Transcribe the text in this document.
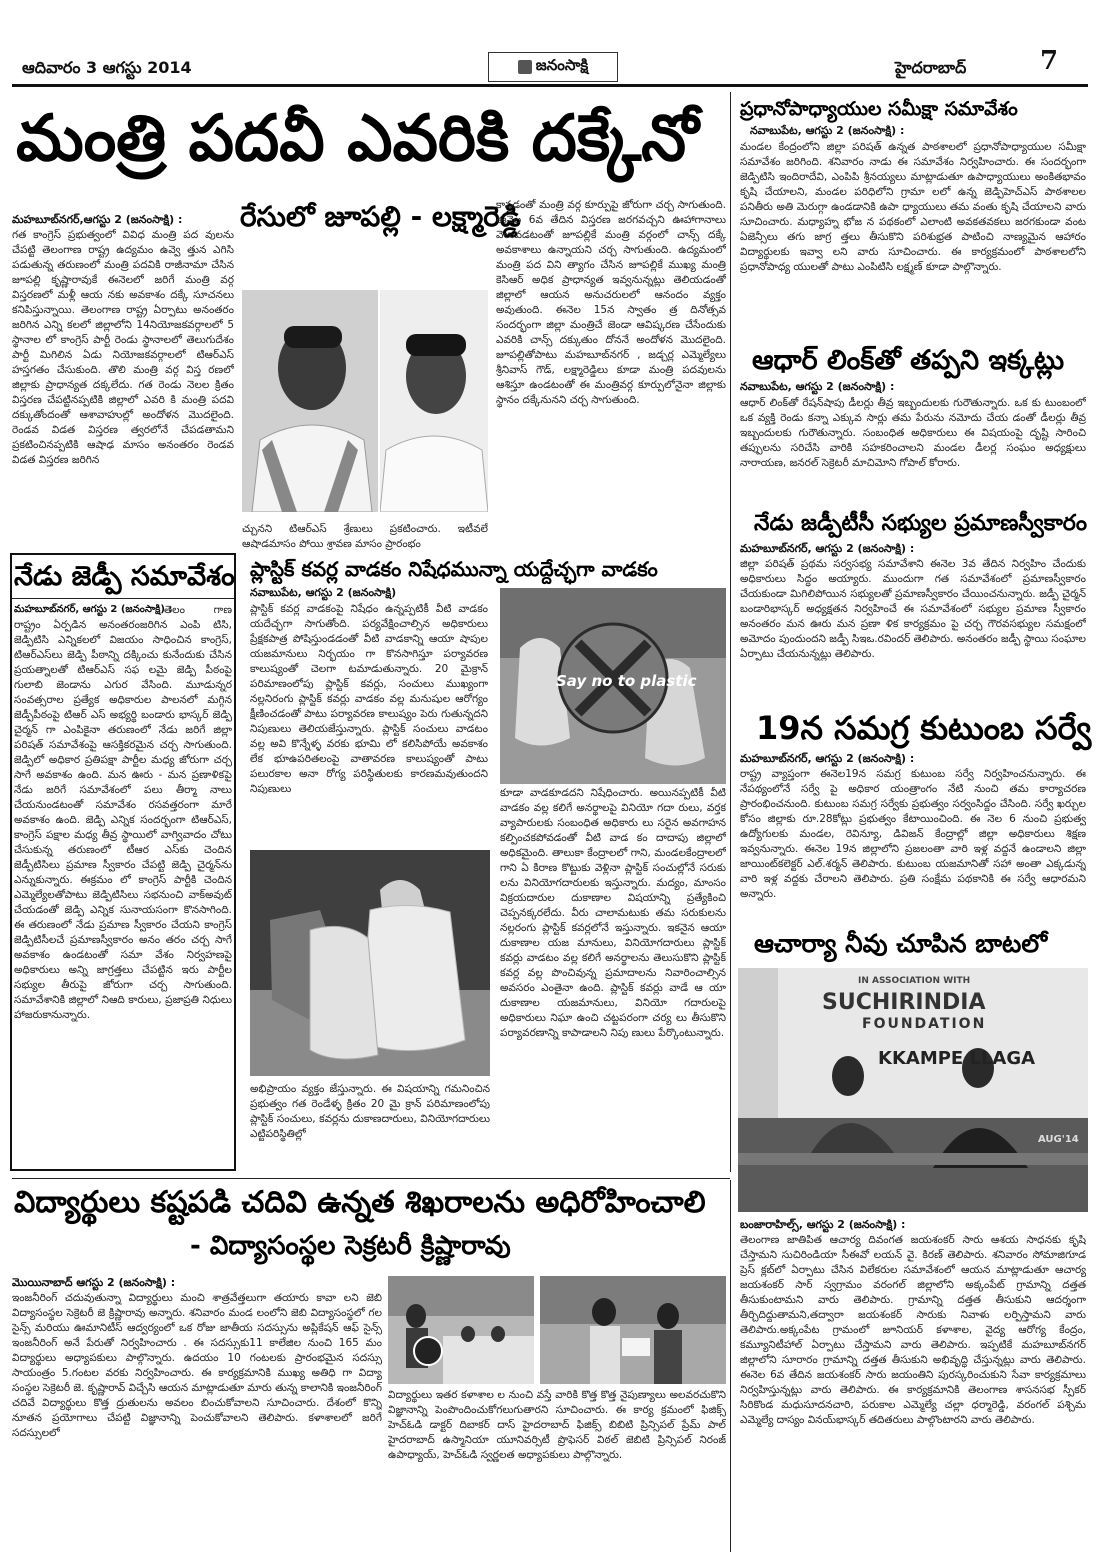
ఆదివారం 3 ఆగస్టు 2014	జనంసాక్షి	హైదరాబాద్	7
మంత్రి పదవీ ఎవరికి దక్కేనో
మహబూబ్‌నగర్,ఆగస్టు 2 (జనంసాక్షి) :
గత కాంగ్రెస్ ప్రభుత్వంలో వివిధ మంత్రి పద వులను చేపట్టి తెలంగాణ రాష్ట్ర ఉద్యమం ఉవ్వె త్తున ఎగిసి పడుతున్న తరుణంలో మంత్రి పదవికి రాజీనామా చేసిన జూపల్లి కృష్ణారావుకే ఈనెలలో జరిగే మంత్రి వర్గ విస్తరణలో మళ్లీ ఆయ నకు అవకాశం దక్కే సూచనలు కనిపిస్తున్నాయి. తెలంగాణ రాష్ట్ర ఏర్పాటు అనంతరం జరిగిన ఎన్ని కలలో జిల్లాలోని 14నియోజకవర్గాలలో 5 స్థానాల లో కాంగ్రెస్ పార్టీ రెండు స్థానాలలో తెలుగుదేశం పార్టీ మిగిలిన ఏడు నియోజకవర్గాలలో టిఆర్ఎస్ హస్తగతం చేసుకుంది. తొలి మంత్రి వర్గ విస్త రణలో జిల్లాకు ప్రాధాన్యత దక్కలేదు. గత రెండు నెలల క్రితం విస్తరణ చేపట్టినప్పటికి జిల్లాలో ఎవరి కి మంత్రి పదవి దక్కుతోందంతో ఆశావాహుల్లో అందోళన మొదలైంది. రెండవ విడత విస్తరణ త్వరలోనే చేపడతామని ప్రకటించినప్పటికి ఆషాఢ మాసం అనంతరం రెండవ విడత విస్తరణ జరిగిన
రేసులో జూపల్లి - లక్ష్మారెడ్డి
చ్చునని టిఆర్ఎస్ శ్రేణులు ప్రకటించారు. ఇటీవలే ఆషాడమాసం పోయి శ్రావణ మాసం ప్రారంభం
కావడంతో మంత్రి వర్గ కూర్పుపై జోరుగా చర్చ సాగుతుంది. ఈనెల 6వ తేదిన విస్తరణ జరగవచ్చని ఊహాగానాలు వెలువడటంతో జూపల్లికే మంత్రి వర్గంలో చాన్స్ దక్కే అవకాశాలు ఉన్నాయని చర్చ సాగుతుంది. ఉద్యమంలో మంత్రి పద విని త్యాగం చేసిన జూపల్లికే ముఖ్య మంత్రి కెసిఆర్ అధిక ప్రాధాన్యత ఇవ్వనున్నట్లు తెలియడంతో జిల్లాలో ఆయన అనుచరులలో ఆనందం వ్యక్తం అవుతుంది. ఈనెల 15న స్వాతం త్ర దినోత్సవ సందర్భంగా జిల్లా మంత్రిచే జెండా ఆవిష్కరణ చేసేందుకు ఎవరికి చాన్స్ దక్కుతుం దోననే అందోళన మొదలైంది. జూపల్లితోపాటు మహబూబ్‌నగర్ , జడ్చర్ల ఎమ్మెల్యేలు శ్రీనివాస్ గౌడ్, లక్ష్మారెడ్డిలు కూడా మంత్రి పదవులను ఆశిస్తూ ఉండటంతో ఈ మంత్రివర్గ కూర్పులోనైనా జిల్లాకు స్థానం దక్కేనునని చర్చ సాగుతుంది.
నేడు జెడ్పీ సమావేశం
మహబూబ్‌నగర్, ఆగస్టు 2 (జనంసాక్షి) :
తెలం గాణ రాష్ట్రం ఏర్పడిన అనంతరంజరిగిన ఎంపి టిసి, జెడ్పిటిసి ఎన్నికలలో విజయం సాధించిన కాంగ్రెస్, టిఆర్ఎస్‌లు జెడ్పి పీఠాన్ని దక్కించు కునేందుకు చేసిన ప్రయత్నాలతో టిఆర్ఎస్ సఫ లమై జెడ్పి పీఠంపై గులాబి జెండాను ఎగుర వేసింది. మూడున్నర సంవత్సరాల ప్రత్యేక అధికారుల పాలనలో మగ్గిన జెడ్పీపీఠంపై టిఆర్ ఎస్ అభ్యర్థి బండారు భాస్కర్ జెడ్పి చైర్మన్ గా ఎంపికైనా తరుణంలో నేడు జరిగే జిల్లా పరిషత్ సమావేశంపై ఆసక్తికరమైన చర్చ సాగుతుంది. జెడ్పిలో అధికార ప్రతిపక్షా పార్టీల మధ్య జోరుగా చర్చ సాగే అవకాశం ఉంది. మన ఊరు - మన ప్రణాళికపై నేడు జరిగే సమావేశంలో పలు తీర్మా నాలు చేయనుండటంతో సమావేశం రసవత్తరంగా మారే అవకాశం ఉంది. జెడ్పి ఎన్నిక సందర్భంగా టిఆర్ఎస్, కాంగ్రెస్ పక్షాల మధ్య తీవ్ర స్థాయిలో వాగ్వివాదం చోటు చేసుకున్న తరుణంలో టీఆర ఎస్‌కు చెందిన జెడ్పీటిసిలు ప్రమాణ స్వీకారం చేపట్టి జెడ్పి చైర్మన్‌ను ఎన్నుకున్నారు. ఈక్రమం లో కాంగ్రెస్ పార్టీకి చెందిన ఎమ్మెల్యేలతోపాటు జెడ్పిటిసిలు సభనుంచి వాక్‌అవుట్ చేయడంతో జెడ్పి ఎన్నిక సునాయసంగా కొనసాగింది. ఈ తరుణంలో నేడు ప్రమాణ స్వీకారం చేయని కాంగ్రెస్ జెడ్పిటిసీలచే ప్రమాణస్వీకారం అనం తరం చర్చ సాగే అవకాశం ఉండటంతో సమా వేశం నిర్వహణపై అధికారులు అన్ని జాగ్రత్తలు చేపట్టిన ఇరు పార్టీల సభ్యుల తీరుపై జోరుగా చర్చ సాగుతుంది. సమావేశానికి జిల్లాలో నిఆది కారులు, ప్రజాప్రతి నిధులు హాజరుకానున్నారు.
ప్లాస్టిక్ కవర్ల వాడకం నిషేధమున్నా యద్దేచ్ఛగా వాడకం
నవాబుపేట, ఆగస్టు 2 (జనంసాక్షి)
ప్లాస్టిక్ కవర్ల వాడకంపై నిషేధం ఉన్నప్పటికీ వీటి వాడకం యదేచ్ఛగా సాగుతోంది. పర్యవేక్షించాల్సిన అధికారులు ప్రేక్షకపాత్ర పోషిస్తుండడంతో వీటి వాడకాన్ని ఆయా షాపుల యజమానులు నిర్భయం గా కొనసాగిస్తూ పర్యావరణ కాలుష్యంతో చెలగా టమాడుతున్నారు. 20 మైక్రాన్ పరిమాణంలోపు ప్లాస్టిక్ కవర్లు, సంచులు ముఖ్యంగా నల్లనిరంగు ప్లాస్టిక్ కవర్లు వాడకం వల్ల మనుషుల ఆరోగ్యం క్షీణించడంతో పాటు పర్యావరణ కాలుష్యం పెరు గుతున్నదని నిపుణులు తెలియజేస్తున్నారు. ప్లాస్టిక్ సంచులు వాడటం వల్ల అవి కొన్నేళ్ళ వరకు భూమి లో కలిసిపోయే అవకాశం లేక భూఉపరితలంపై వాతావరణ కాలుష్యంతో పాటు పలురకాల అనా రోగ్య పరిస్థితులకు కారణమవుతుందని నిపుణులు
Say no to plastic
కూడా వాడకూడదని నిషేధించారు. అయినప్పటికీ వీటి వాడకం వల్ల కలిగే అనర్థాలపై వినియో గదా రులు, వర్తక వ్యాపారులకు సంబంధిత అధికారు లు సరైన అవగాహన కల్పించకపోవడంతో వీటి వాడ కం దాదాపు జిల్లాలో అధికమైంది. తాలుకా కేంద్రాలలో గాని, మండలకేంద్రాలలో గాని ఏ కిరాణ కొట్టుకు వెళ్లినా ప్లాస్టిక్ సంచుల్లోనే సరుకు లను వినియోగదారులకు ఇస్తున్నారు. మద్యం, మాంసం విక్రయదారుల దుకాణాల విషయాన్ని ప్రత్యేకించి చెప్పనక్కరలేదు. వీరు చాలామటుకు తమ సరుకులను నల్లరంగు ప్లాస్టిక్ కవర్లలోనే ఇస్తున్నారు. ఇకనైన ఆయా దుకాణాల యజ మానులు, వినియోగదారులు ప్లాస్టిక్ కవర్లు వాడటం వల్ల కలిగే అనర్థాలను తెలుసుకొని ప్లాస్టిక్ కవర్ల వల్ల పొంచివున్న ప్రమాదాలను నివారించాల్సిన అవసరం ఎంతైనా ఉంది. ప్లాస్టిక్ కవర్లు వాడే ఆ యా దుకాణాల యజమానులు, వినియో గదారులపై అధికారులు నిఘా ఉంచి చట్టపరంగా చర్య లు తీసుకొని పర్యావరణాన్ని కాపాడాలని నిపు ణులు పేర్కొంటున్నారు.
అభిప్రాయం వ్యక్తం జేస్తున్నారు. ఈ విషయాన్ని గమనించిన ప్రభుత్వం గత రెండేళ్ళ క్రితం 20 మై క్రాన్ పరిమాణంలోపు ప్లాస్టిక్ సంచులు, కవర్లను దుకాణదారులు, వినియోగదారులు ఎట్టిపరిస్థితిల్లో
ప్రధానోపాధ్యాయుల సమీక్షా సమావేశం
నవాబుపేట, ఆగస్టు 2 (జనంసాక్షి) :
మండల కేంద్రంలోని జిల్లా పరిషత్ ఉన్నత పాఠశాలలో ప్రధానోపాధ్యాయుల సమీక్షా సమావేశం జరిగింది. శనివారం నాడు ఈ సమావేశం నిర్వహించారు. ఈ సందర్భంగా జెడ్పిటిసి ఇందిరాదేవి, ఎంపిపి శ్రీనయ్యలు మాట్లాడుతూ ఉపాధ్యాయులు అంకితభావం కృషి చేయాలని, మండల పరిధిలోని గ్రామా లలో ఉన్న జెడ్పిహెచ్‌ఎస్ పాఠశాలల పనితీరు అతి మెరుగ్గా ఉండడానికి ఉపా ధ్యాయులు తమ వంతు కృషి చేయాలని వారు సూచించారు. మధ్యాహ్న భోజ న పథకంలో ఎలాంటి అవకతవకలు జరగకుండా వంట ఏజెన్సీలు తగు జాగ్ర త్తలు తీసుకొని పరిశుభ్రత పాటించి నాణ్యమైన ఆహారం విద్యార్థులకు ఇవ్వా లని వారు సూచించారు. ఈ కార్యక్రమంలో పాఠశాలలోని ప్రధానోపాధ్య యులతో పాటు ఎంపిటిసి లక్ష్మణ్ కూడా పాల్గొన్నారు.
ఆధార్ లింక్‌తో తప్పని ఇక్కట్లు
నవాబుపేట, ఆగస్టు 2 (జనంసాక్షి) :
ఆధార్ లింక్‌తో రేషన్‌షాపు డీలర్లు తీవ్ర ఇబ్బందులకు గురౌతున్నారు. ఒక కు టుంబంలో ఒక వ్యక్తి రెండు కన్నా ఎక్కువ సార్లు తమ పేరును నమోదు చేయ డంతో డీలర్లు తీవ్ర ఇబ్బందులకు గురౌతున్నారు. సంబంధిత అధికారులు ఈ విషయంపై దృష్టి సారించి తప్పులను సరిచేసి వారికి సహకరించాలని మండల డీలర్ల సంఘం అధ్యక్షులు నారాయణ, జనరల్ సెక్రెటరీ మాచిమోని గోపాల్ కోరారు.
నేడు జడ్పీటీసీ సభ్యుల ప్రమాణస్వీకారం
మహబూబ్‌నగర్, ఆగస్టు 2 (జనంసాక్షి) :
జిల్లా పరిషత్ ప్రథమ సర్వసభ్య సమావేశాని ఈనెల 3వ తేదిన నిర్వహిం చేందుకు అధికారులు సిద్ధం అయ్యారు. ముందుగా గత సమావేశంలో ప్రమాణస్వీకారం చేయకుండా మిగిలిపోయిన సభ్యులతో ప్రమాణస్వీకారం చేయించనున్నారు. జడ్పీ చైర్మన్ బండారిభాస్కర్ అధ్యక్షతన నిర్వహించే ఈ సమావేశంలో సభ్యుల ప్రమాణ స్వీకారం అనంతరం మన ఊరు మన ప్రణా ళిక కార్యక్రమం పై చర్చ గౌరవసభ్యుల సమక్షంలో అమోదం పుందుందని జడ్పీ సిఇఒ.రవిందర్ తెలిపారు. అనంతరం జడ్పీ స్థాయి సంఘాల ఏర్పాటు చేయనున్నట్లు తెలిపారు.
19న సమగ్ర కుటుంబ సర్వే
మహబూబ్‌నగర్, ఆగస్టు 2 (జనంసాక్షి) :
రాష్ట్ర వ్యాప్తంగా ఈనెల19న సమగ్ర కుటుంబ సర్వే నిర్వహించనున్నారు. ఈ నేపథ్యంలోనే సర్వే పై అధికార యంత్రాంగం నేటి నుంచి తమ కార్యాచరణ ప్రారంభించనుంది. కుటుంబ సమగ్ర సర్వేకు ప్రభుత్వం సర్వంసిద్దం చేసింది. సర్వే ఖర్చుల కోసం జిల్లాకు రూ.28కోట్లు ప్రభుత్వం కేటాయించింది. ఈ నెల 6 నుంచి ప్రభుత్వ ఉద్యోగులకు మండల, రెవిన్యూ, డివిజన్ కేంద్రాల్లో జిల్లా అధికారులు శిక్షణ ఇవ్వనున్నారు. ఈనెల 19న జిల్లాలోని ప్రజలంతా వారి ఇళ్ల వద్దనే ఉండాలని జిల్లా జాయింట్‌కలెక్టర్ ఎల్.శర్మన్ తెలిపారు. కుటుంబ యజమానితో సహా అంతా ఎక్కడున్న వారి ఇళ్ల వద్దకు చేరాలని తెలిపారు. ప్రతి సంక్షేమ పథకానికి ఈ సర్వే ఆధారమని అన్నారు.
ఆచార్యా నీవు చూపిన బాటలో
IN ASSOCIATION WITH
SUCHIRINDIA
FOUNDATION
KKAMPE LLAGA
AUG'14
బంజారాహిల్స్, ఆగస్టు 2 (జనంసాక్షి) :
తెలంగాణ జాతిపిత ఆచార్య దివంగత జయశంకర్ సారు ఆశయ సాధనకు కృషి చేస్తామని సుచిరిండియా సీఈవో లయన్ వై. కిరణ్ తెలిపారు. శనివారం సోమాజిగూడ ప్రెస్ క్లబ్‌లో ఏర్పాటు చేసిన విలేకరుల సమావేశంలో ఆయన మాట్లాడుతూ ఆచార్య జయశంకర్ సార్ స్వగ్రామం వరంగల్ జిల్లాలోని అక్కంపేట్ గ్రామాన్ని దత్తత తీసుకుంటామని వారు తెలిపారు. గ్రామాన్ని దత్తత తీసుకుని ఆదర్శంగా తీర్చిదిద్దుతామని,తద్వారా జయశంకర్ సారుకు నివాళు లర్పిస్తామని వారు తెలిపారు.అక్కంపేట గ్రామంలో జూనియర్ కళాశాల, వైద్య ఆరోగ్య కేంద్రం, కమ్యూనిటీహాల్ ఏర్పాటు చేస్తామని వారు తెలిపారు. ఇప్పటికే మహబూబ్‌నగర్ జిల్లాలోని సూరారం గ్రామాన్ని దత్తత తీసుకుని అభివృద్ధి చేస్తున్నట్లు వారు తెలిపారు. ఈనెల 6వ తేదిన జయశంకర్ సారు జయంతిని పురస్కరించుకుని సేవా కార్యక్రమాలు నిర్వహిస్తున్నట్లు వారు తెలిపారు. ఈ కార్యక్రమానికి తెలంగాణ శాసనసభ స్పీకర్ సిరికొండ మధుసూదనచారి, పరుకాల ఎమ్మెల్యే చల్లా ధర్మారెడ్డి, వరంగల్ పశ్చిమ ఎమ్మెల్యే దాస్యం వినయ్‌భాస్కర్ తదితరులు పాల్గొంటారని వారు తెలిపారు.
విద్యార్థులు కష్టపడి చదివి ఉన్నత శిఖరాలను అధిరోహించాలి
- విద్యాసంస్థల సెక్రటరీ క్రిష్ణారావు
మొయినాబాద్ ఆగస్టు 2 (జనంసాక్షి) :
ఇంజనీరింగ్ చదువుతున్నా విద్యార్థులు మంచి శాత్రవేత్తలుగా తయారు కావా లని జెబి విద్యాసంస్థల సెక్రెటరీ జె క్రిష్ణారావు అన్నారు. శనివారం మండ లంలోని జెబి విద్యాసంస్థలో గల సైన్స్ మరియు ఊమానిటీస్ ఆద్వర్యంలో ఒక రోజు జాతీయ సదస్సును అప్లికేషన్ ఆఫ్ సైన్స్ ఇంజనీరింగ్ అనే పేరుతో నిర్వహించారు . ఈ సదస్సుకు11 కాలేజిల నుంచి 165 మం విద్యార్థులు అధ్యాపకులు పాల్గొన్నారు. ఉదయం 10 గంటలకు ప్రారంభమైన సదస్సు సాయంత్రం 5.గంటల వరకు నిర్వహించారు. ఈ కార్యక్రమానికి ముఖ్య అతిధి గా విద్యా సంస్థల సెక్రెటరీ జె. కృష్ణారావ్ విచ్చేసి ఆయన మాట్లాడుతూ మారు తున్న కాలానికి ఇంజనీరింగ్ చదివే విద్యార్థులు కొత్త ద్రుతులను అవలం బించుకోవాలని సూచించారు. దేశంలో కొన్ని నూతన ప్రయోగాలు చేపట్టి విజ్ఞానాన్ని పెంచుకోవాలని తెలిపారు. కళాశాలలో జరిగే సదస్సులలో
విద్యార్థులు ఇతర కళాశాల ల నుంచి వస్తే వారికి కొత్త కొత్త నైపుణ్యాలు అలవరచుకొని విజ్ఞానాన్ని పెంపొందించుకోగలుగుతారని సూచించారు. ఈ కార్య క్రమంలో ఫిజిక్స్ హెచ్‌ఓడి డాక్టర్ దిబాకర్ దాస్ హైదరాబాద్ ఫిజిక్స్ బిబిటి ప్రిన్సిపల్ ప్రేమ్ పాల్ హైదరాబాద్ ఉస్మానియా యూనివర్సిటీ ప్రొఫెసర్ విఠల్ జెబిటి ప్రిన్సిపల్ నిరంజ్ ఉపాధ్యాయ్, హెచ్‌ఓడి స్వర్ణలత అధ్యాపకులు పాల్గొన్నారు.
